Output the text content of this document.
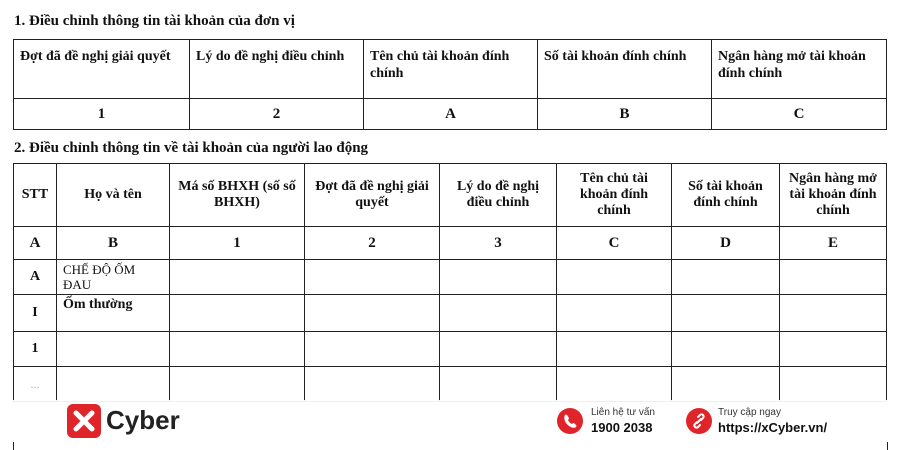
1. Điều chỉnh thông tin tài khoản của đơn vị
Đợt đã đề nghị giải quyết	Lý do đề nghị điều chỉnh	Tên chủ tài khoản đính chính	Số tài khoản đính chính	Ngân hàng mở tài khoản đính chính
1	2	A	B	C
2. Điều chỉnh thông tin về tài khoản của người lao động
STT	Họ và tên	Má số BHXH (số số BHXH)	Đợt đã đề nghị giải quyết	Lý do đề nghị điều chỉnh	Tên chủ tài khoản đính chính	Số tài khoản đính chính	Ngân hàng mở tài khoản đính chính
A	B	1	2	3	C	D	E
A	CHẾ ĐỘ ỐM ĐAU						
I	Ốm thường						
1							
...							
Cyber	Liên hệ tư vấn
1900 2038
Truy cập ngay
https://xCyber.vn/
